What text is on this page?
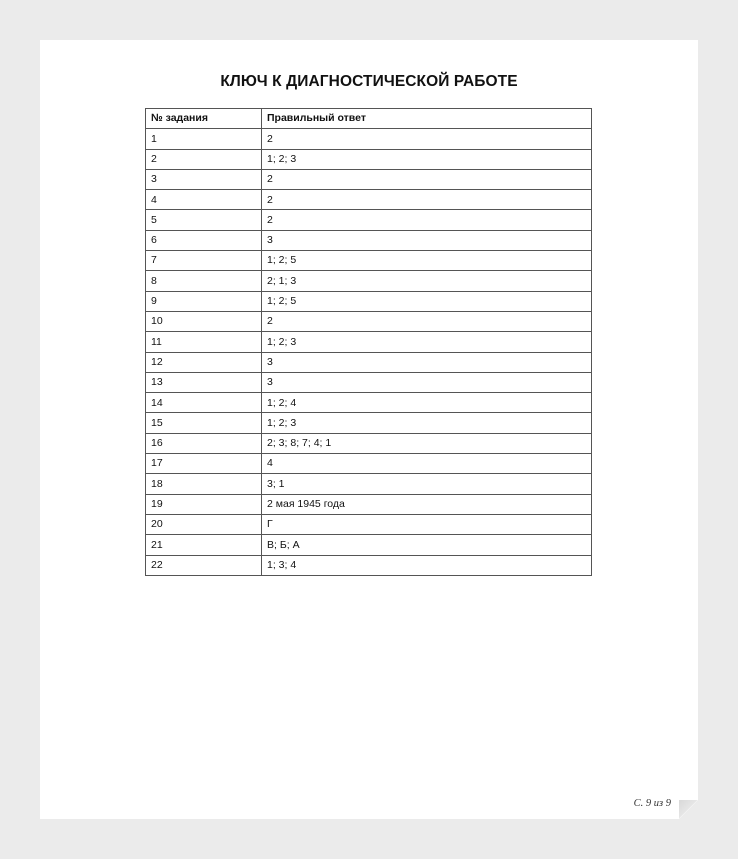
КЛЮЧ К ДИАГНОСТИЧЕСКОЙ РАБОТЕ
№ задания	Правильный ответ
1	2
2	1; 2; 3
3	2
4	2
5	2
6	3
7	1; 2; 5
8	2; 1; 3
9	1; 2; 5
10	2
11	1; 2; 3
12	3
13	3
14	1; 2; 4
15	1; 2; 3
16	2; 3; 8; 7; 4; 1
17	4
18	3; 1
19	2 мая 1945 года
20	Г
21	В; Б; А
22	1; 3; 4
С. 9 из 9
